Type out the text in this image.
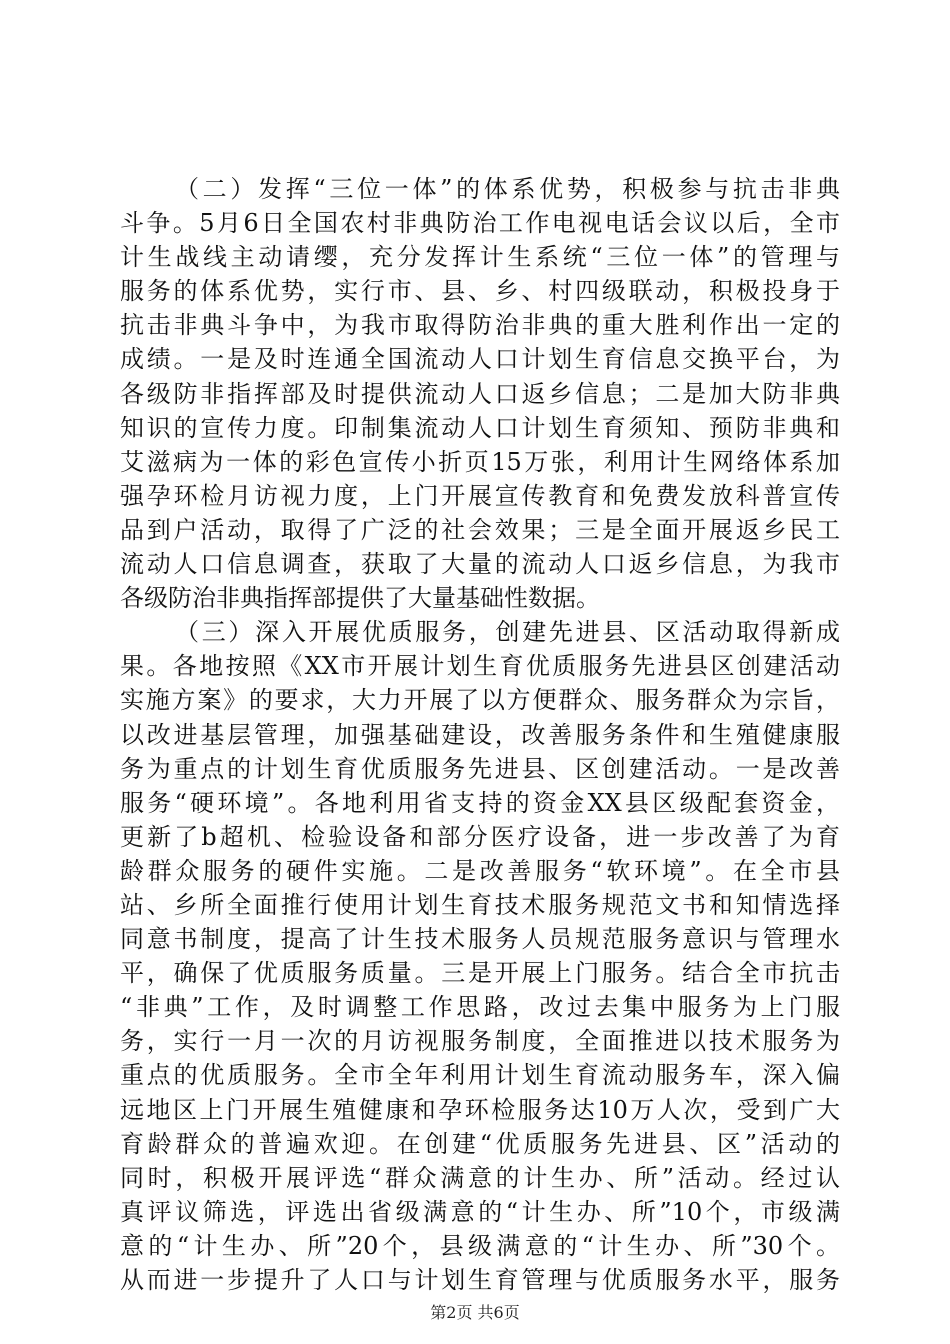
（二）发挥“三位一体”的体系优势，积极参与抗击非典
斗争。5月6日全国农村非典防治工作电视电话会议以后，全市
计生战线主动请缨，充分发挥计生系统“三位一体”的管理与
服务的体系优势，实行市、县、乡、村四级联动，积极投身于
抗击非典斗争中，为我市取得防治非典的重大胜利作出一定的
成绩。一是及时连通全国流动人口计划生育信息交换平台，为
各级防非指挥部及时提供流动人口返乡信息；二是加大防非典
知识的宣传力度。印制集流动人口计划生育须知、预防非典和
艾滋病为一体的彩色宣传小折页15万张，利用计生网络体系加
强孕环检月访视力度，上门开展宣传教育和免费发放科普宣传
品到户活动，取得了广泛的社会效果；三是全面开展返乡民工
流动人口信息调查，获取了大量的流动人口返乡信息，为我市
各级防治非典指挥部提供了大量基础性数据。
（三）深入开展优质服务，创建先进县、区活动取得新成
果。各地按照《XX市开展计划生育优质服务先进县区创建活动
实施方案》的要求，大力开展了以方便群众、服务群众为宗旨，
以改进基层管理，加强基础建设，改善服务条件和生殖健康服
务为重点的计划生育优质服务先进县、区创建活动。一是改善
服务“硬环境”。各地利用省支持的资金XX县区级配套资金，
更新了b超机、检验设备和部分医疗设备，进一步改善了为育
龄群众服务的硬件实施。二是改善服务“软环境”。在全市县
站、乡所全面推行使用计划生育技术服务规范文书和知情选择
同意书制度，提高了计生技术服务人员规范服务意识与管理水
平，确保了优质服务质量。三是开展上门服务。结合全市抗击
“非典”工作，及时调整工作思路，改过去集中服务为上门服
务，实行一月一次的月访视服务制度，全面推进以技术服务为
重点的优质服务。全市全年利用计划生育流动服务车，深入偏
远地区上门开展生殖健康和孕环检服务达10万人次，受到广大
育龄群众的普遍欢迎。在创建“优质服务先进县、区”活动的
同时，积极开展评选“群众满意的计生办、所”活动。经过认
真评议筛选，评选出省级满意的“计生办、所”10个，市级满
意的“计生办、所”20个，县级满意的“计生办、所”30个。
从而进一步提升了人口与计划生育管理与优质服务水平，服务
第2页 共6页
